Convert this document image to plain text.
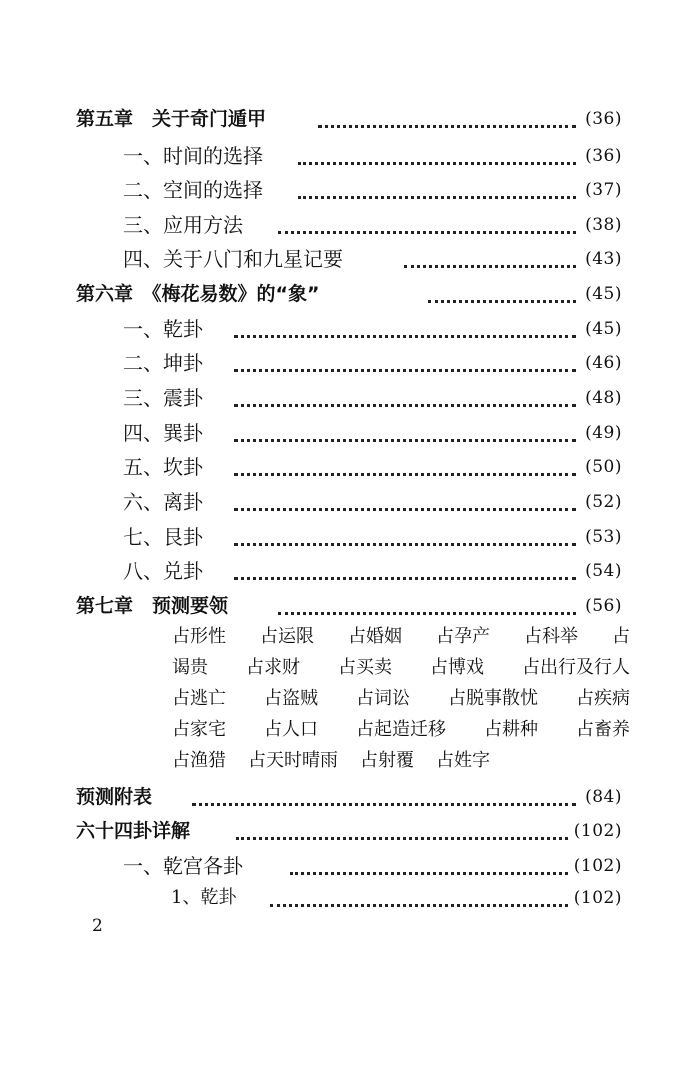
第五章　关于奇门遁甲	(36)
一、时间的选择	(36)
二、空间的选择	(37)
三、应用方法	(38)
四、关于八门和九星记要	(43)
第六章　《梅花易数》的“象”	(45)
一、乾卦	(45)
二、坤卦	(46)
三、震卦	(48)
四、巽卦	(49)
五、坎卦	(50)
六、离卦	(52)
七、艮卦	(53)
八、兑卦	(54)
第七章　预测要领	(56)
占形性 占运限 占婚姻 占孕产 占科举 占
谒贵 占求财 占买卖 占博戏 占出行及行人
占逃亡 占盗贼 占词讼 占脱事散忧 占疾病
占家宅 占人口 占起造迁移 占耕种 占畜养
占渔猎 占天时晴雨 占射覆 占姓字
预测附表	(84)
六十四卦详解	(102)
一、乾宫各卦	(102)
1、乾卦	(102)
2
